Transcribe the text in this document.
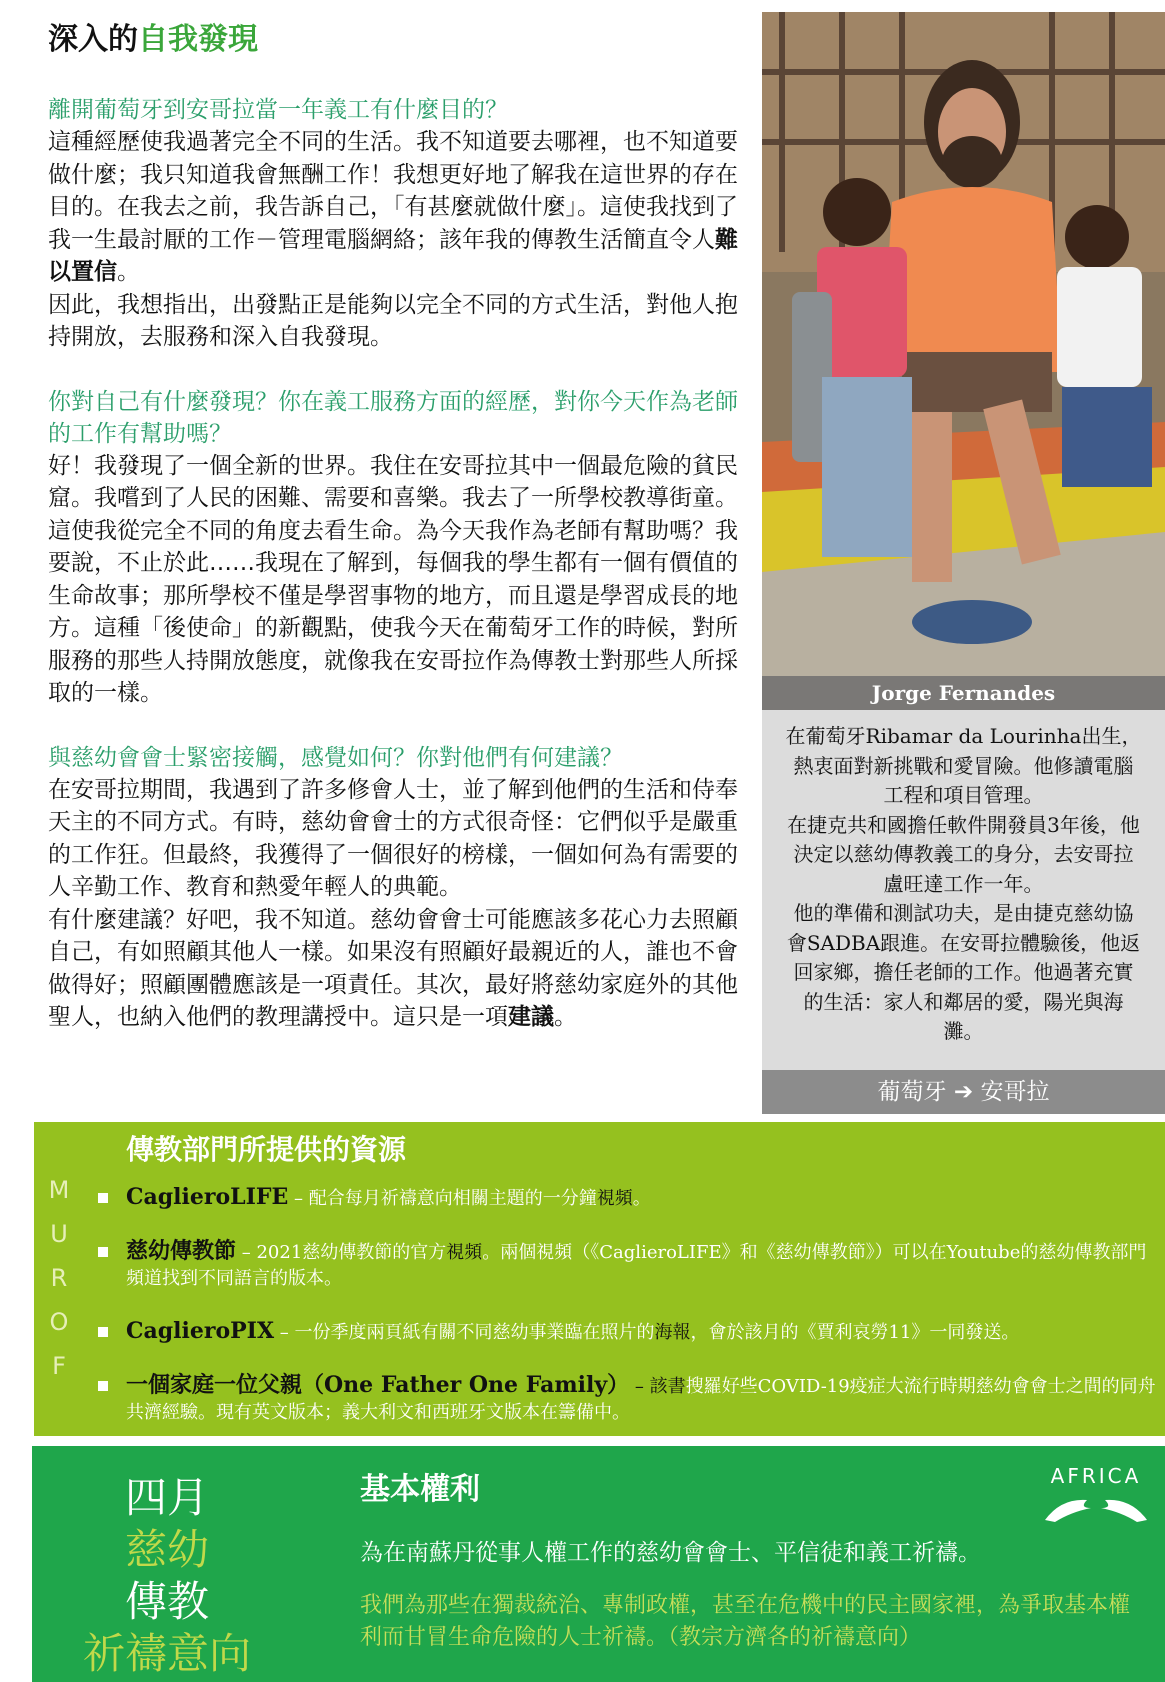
深入的自我發現

離開葡萄牙到安哥拉當一年義工有什麼目的？

這種經歷使我過著完全不同的生活。我不知道要去哪裡，也不知道要做什麼；我只知道我會無酬工作！我想更好地了解我在這世界的存在目的。在我去之前，我告訴自己，「有甚麼就做什麼」。這使我找到了我一生最討厭的工作－管理電腦網絡；該年我的傳教生活簡直令人難以置信。

因此，我想指出，出發點正是能夠以完全不同的方式生活，對他人抱持開放，去服務和深入自我發現。

你對自己有什麼發現？你在義工服務方面的經歷，對你今天作為老師的工作有幫助嗎？

好！我發現了一個全新的世界。我住在安哥拉其中一個最危險的貧民窟。我嚐到了人民的困難、需要和喜樂。我去了一所學校教導街童。這使我從完全不同的角度去看生命。為今天我作為老師有幫助嗎？我要說，不止於此……我現在了解到，每個我的學生都有一個有價值的生命故事；那所學校不僅是學習事物的地方，而且還是學習成長的地方。這種「後使命」的新觀點，使我今天在葡萄牙工作的時候，對所服務的那些人持開放態度，就像我在安哥拉作為傳教士對那些人所採取的一樣。

與慈幼會會士緊密接觸，感覺如何？你對他們有何建議？

在安哥拉期間，我遇到了許多修會人士，並了解到他們的生活和侍奉天主的不同方式。有時，慈幼會會士的方式很奇怪：它們似乎是嚴重的工作狂。但最終，我獲得了一個很好的榜樣，一個如何為有需要的人辛勤工作、教育和熱愛年輕人的典範。

有什麼建議？好吧，我不知道。慈幼會會士可能應該多花心力去照顧自己，有如照顧其他人一樣。如果沒有照顧好最親近的人，誰也不會做得好；照顧團體應該是一項責任。其次，最好將慈幼家庭外的其他聖人，也納入他們的教理講授中。這只是一項建議。

Jorge Fernandes

在葡萄牙Ribamar da Lourinha出生，熱衷面對新挑戰和愛冒險。他修讀電腦工程和項目管理。

在捷克共和國擔任軟件開發員3年後，他決定以慈幼傳教義工的身分，去安哥拉盧旺達工作一年。

他的準備和測試功夫，是由捷克慈幼協會SADBA跟進。在安哥拉體驗後，他返回家鄉，擔任老師的工作。他過著充實的生活：家人和鄰居的愛，陽光與海灘。

葡萄牙 ➔ 安哥拉
M
U
R
O
F
傳教部門所提供的資源
CaglieroLIFE – 配合每月祈禱意向相關主題的一分鐘視頻。
慈幼傳教節 – 2021慈幼傳教節的官方視頻。兩個視頻（《CaglieroLIFE》和《慈幼傳教節》）可以在Youtube的慈幼傳教部門頻道找到不同語言的版本。
CaglieroPIX – 一份季度兩頁紙有關不同慈幼事業臨在照片的海報，會於該月的《賈利哀勞11》一同發送。
一個家庭一位父親（One Father One Family） – 該書搜羅好些COVID-19疫症大流行時期慈幼會會士之間的同舟共濟經驗。現有英文版本；義大利文和西班牙文版本在籌備中。
四月
慈幼
傳教
祈禱意向
基本權利

為在南蘇丹從事人權工作的慈幼會會士、平信徒和義工祈禱。

我們為那些在獨裁統治、專制政權，甚至在危機中的民主國家裡，為爭取基本權利而甘冒生命危險的人士祈禱。（教宗方濟各的祈禱意向）

AFRICA
